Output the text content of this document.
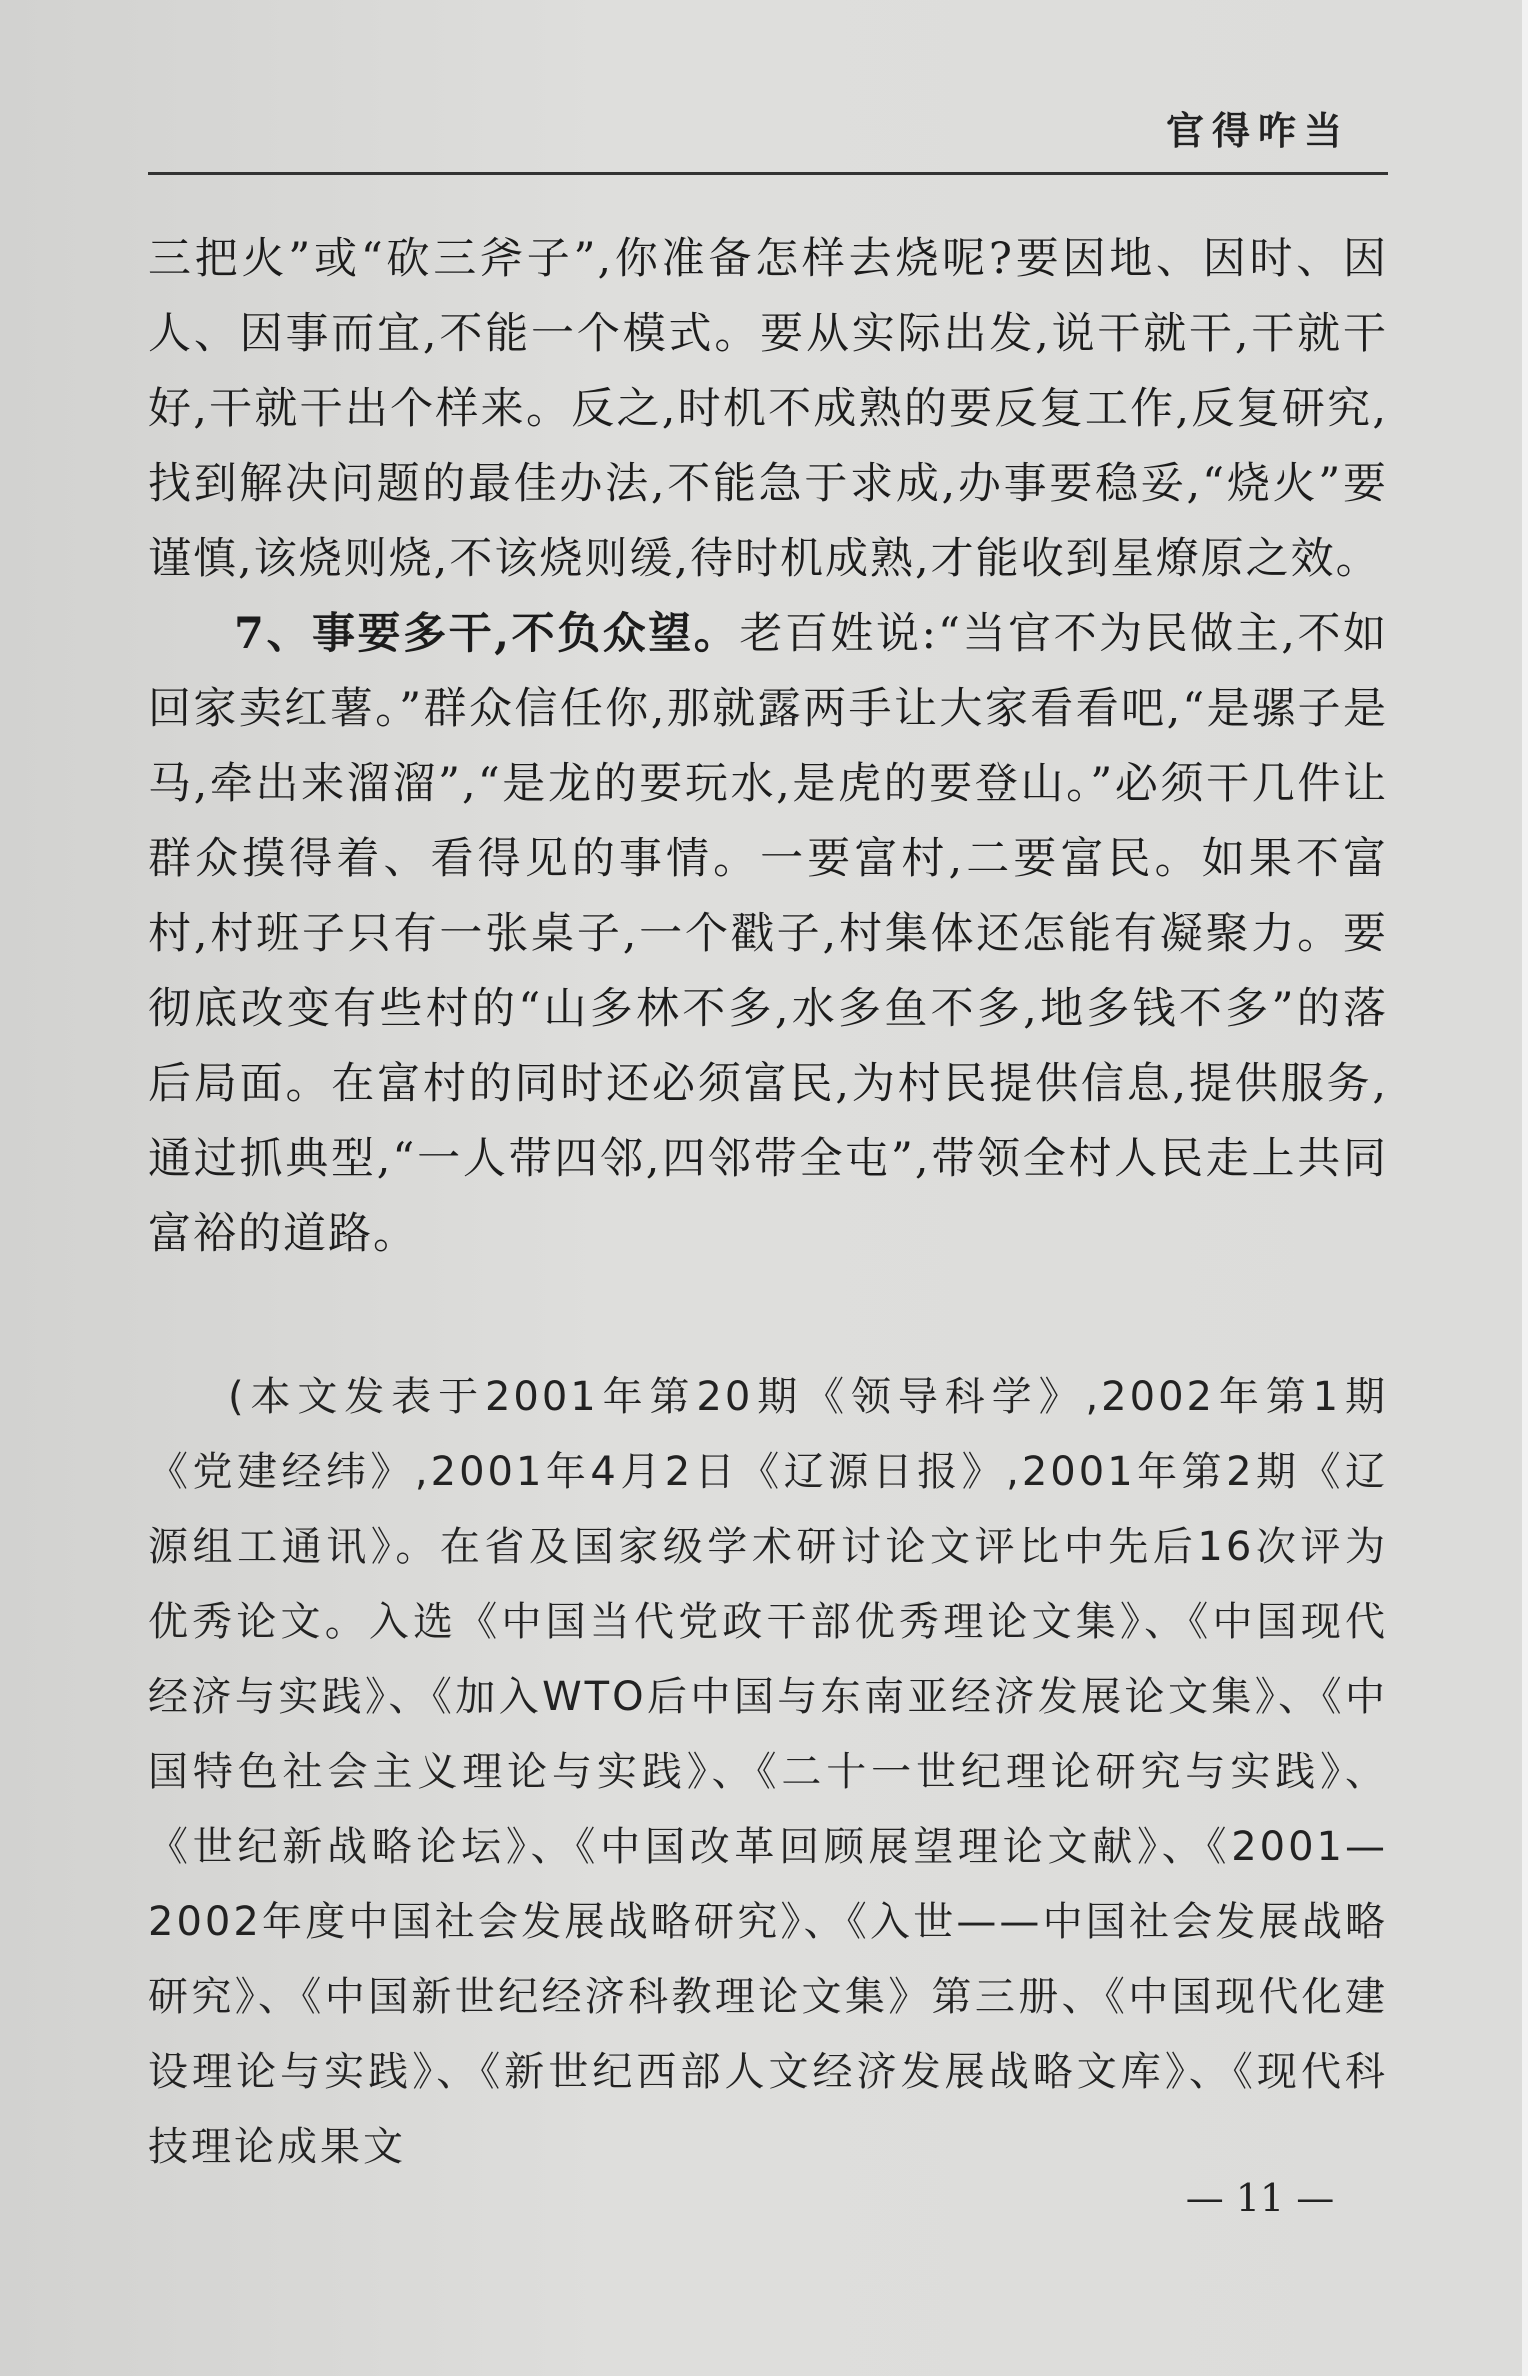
官得咋当

三把火”或“砍三斧子”,你准备怎样去烧呢?要因地、因时、因人、因事而宜,不能一个模式。要从实际出发,说干就干,干就干好,干就干出个样来。反之,时机不成熟的要反复工作,反复研究,找到解决问题的最佳办法,不能急于求成,办事要稳妥,“烧火”要谨慎,该烧则烧,不该烧则缓,待时机成熟,才能收到星燎原之效。

7、事要多干,不负众望。老百姓说:“当官不为民做主,不如回家卖红薯。”群众信任你,那就露两手让大家看看吧,“是骡子是马,牵出来溜溜”,“是龙的要玩水,是虎的要登山。”必须干几件让群众摸得着、看得见的事情。一要富村,二要富民。如果不富村,村班子只有一张桌子,一个戳子,村集体还怎能有凝聚力。要彻底改变有些村的“山多林不多,水多鱼不多,地多钱不多”的落后局面。在富村的同时还必须富民,为村民提供信息,提供服务,通过抓典型,“一人带四邻,四邻带全屯”,带领全村人民走上共同富裕的道路。

(本文发表于2001年第20期《领导科学》,2002年第1期《党建经纬》,2001年4月2日《辽源日报》,2001年第2期《辽源组工通讯》。在省及国家级学术研讨论文评比中先后16次评为优秀论文。入选《中国当代党政干部优秀理论文集》、《中国现代经济与实践》、《加入WTO后中国与东南亚经济发展论文集》、《中国特色社会主义理论与实践》、《二十一世纪理论研究与实践》、《世纪新战略论坛》、《中国改革回顾展望理论文献》、《2001—2002年度中国社会发展战略研究》、《入世——中国社会发展战略研究》、《中国新世纪经济科教理论文集》第三册、《中国现代化建设理论与实践》、《新世纪西部人文经济发展战略文库》、《现代科技理论成果文

— 11 —
